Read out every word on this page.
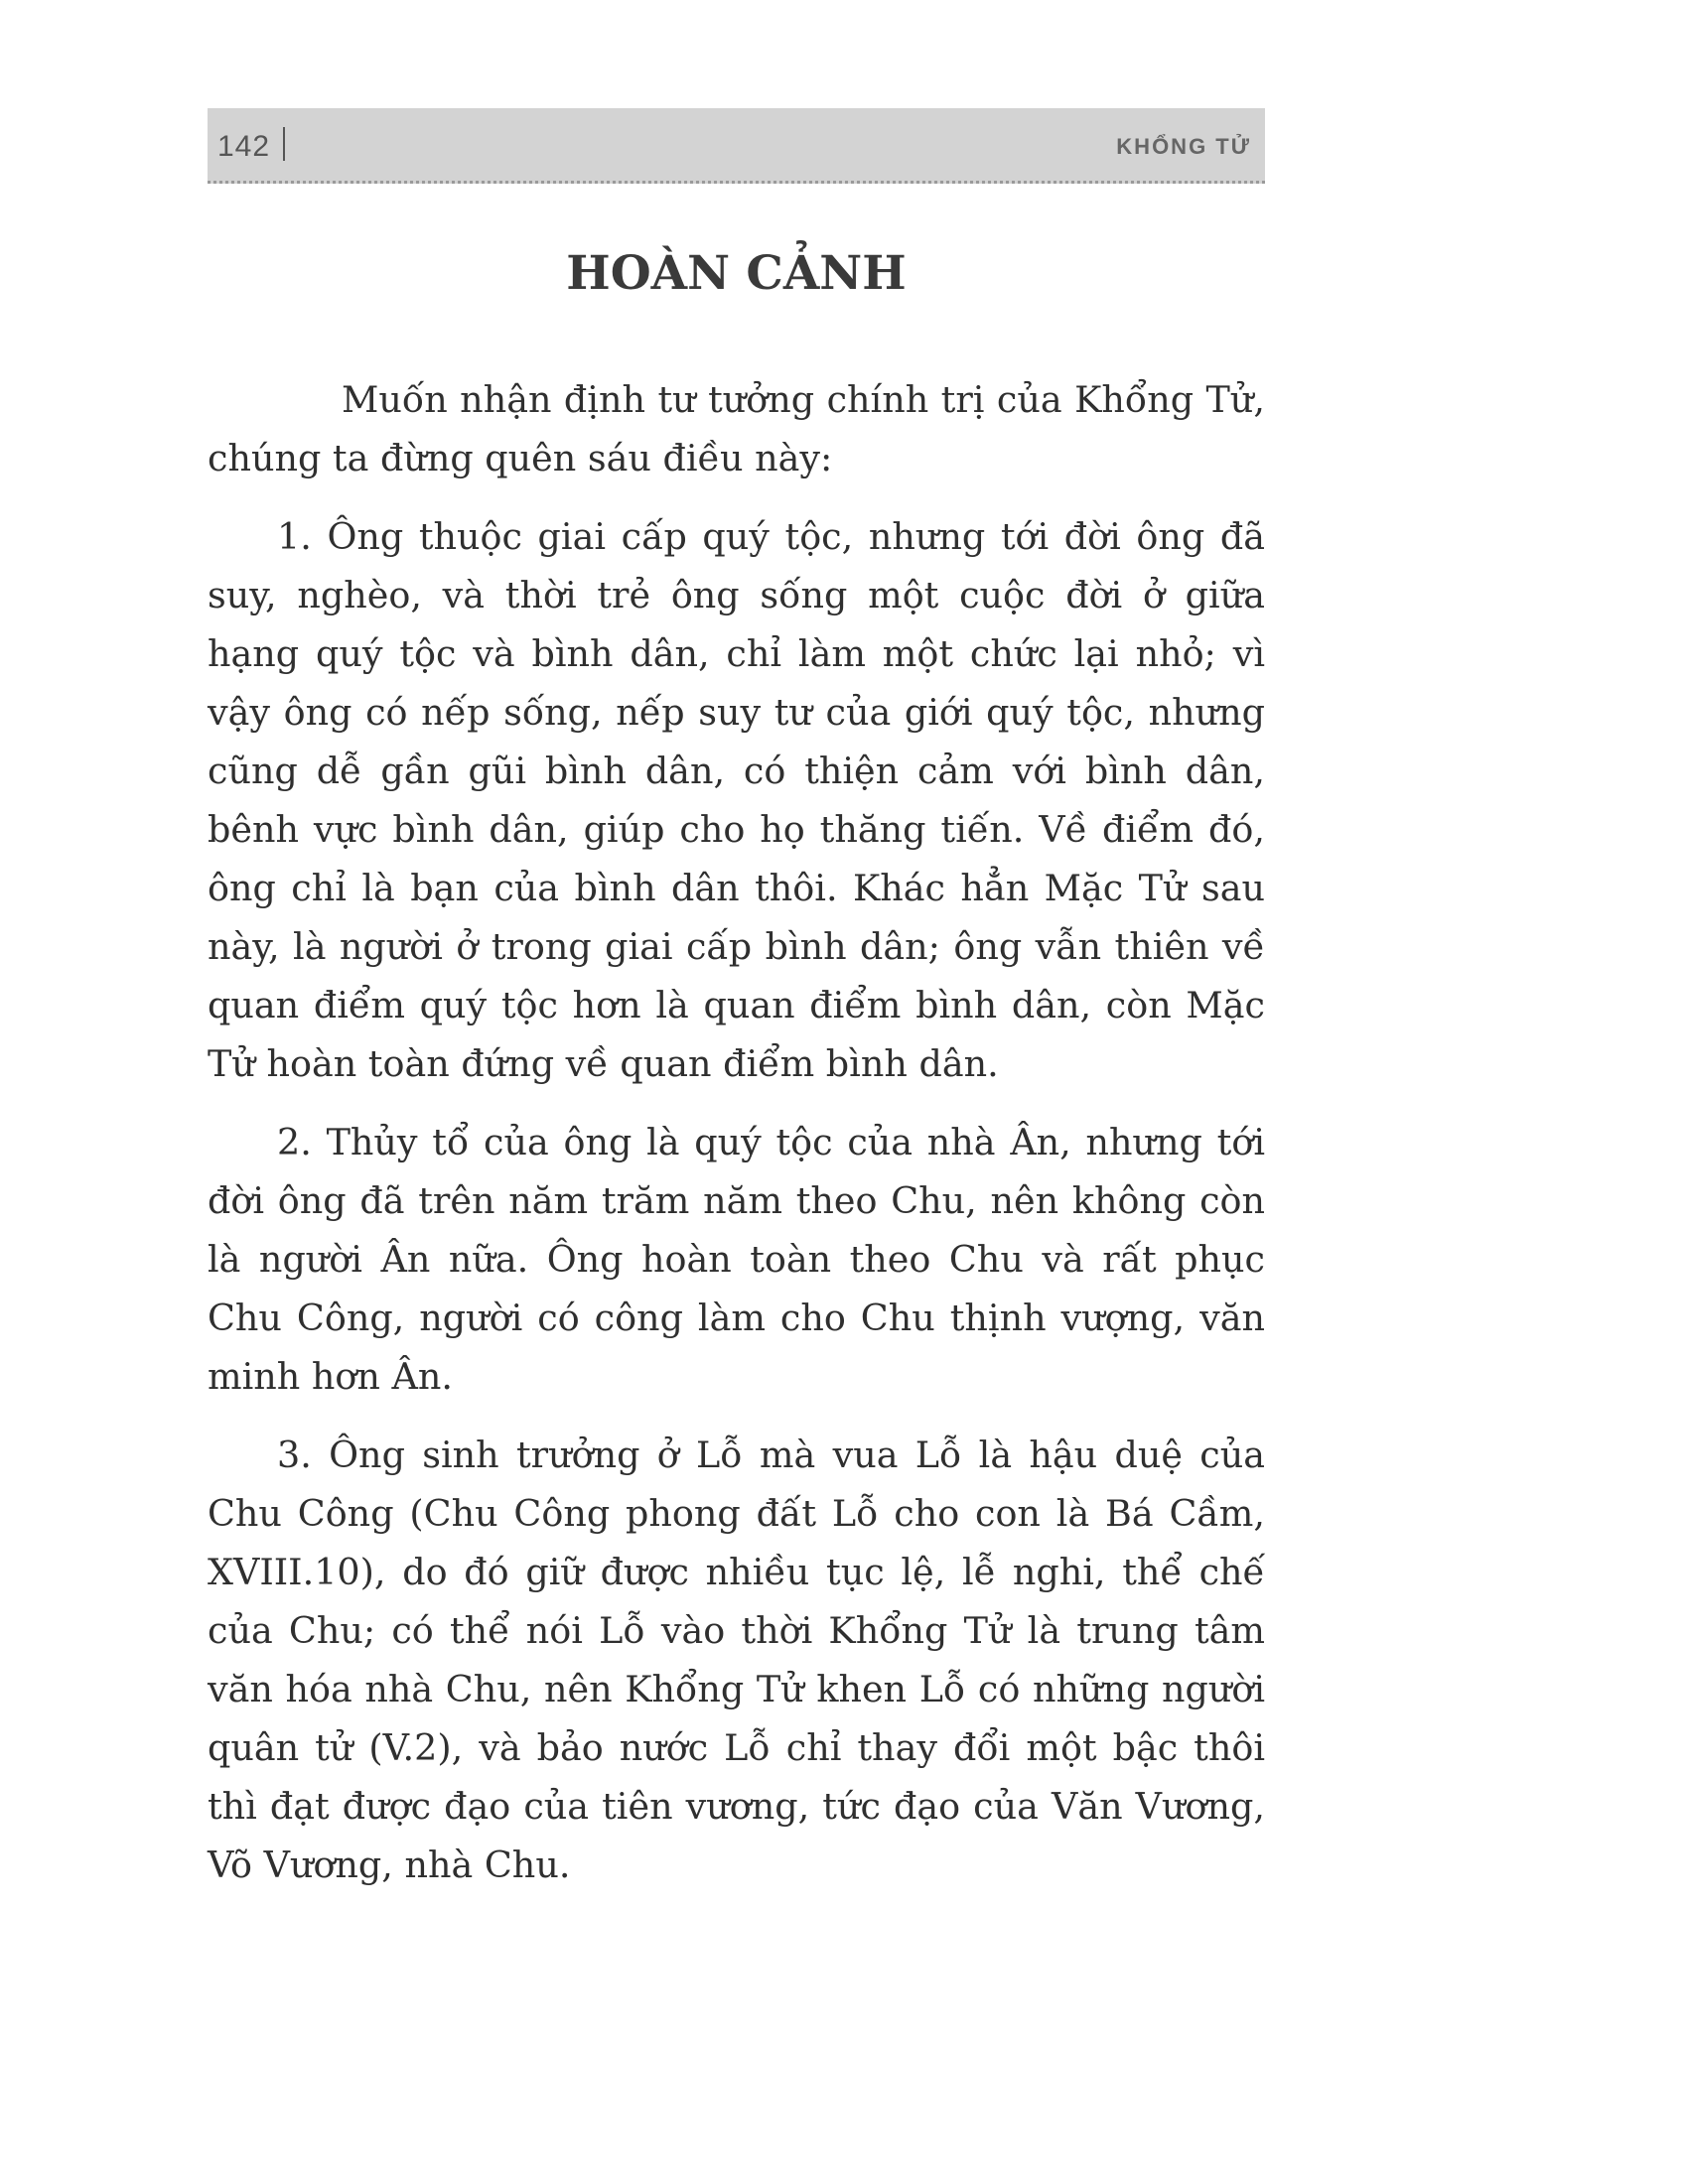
142	KHỔNG TỬ
HOÀN CẢNH

Muốn nhận định tư tưởng chính trị của Khổng Tử, chúng ta đừng quên sáu điều này:

1. Ông thuộc giai cấp quý tộc, nhưng tới đời ông đã suy, nghèo, và thời trẻ ông sống một cuộc đời ở giữa hạng quý tộc và bình dân, chỉ làm một chức lại nhỏ; vì vậy ông có nếp sống, nếp suy tư của giới quý tộc, nhưng cũng dễ gần gũi bình dân, có thiện cảm với bình dân, bênh vực bình dân, giúp cho họ thăng tiến. Về điểm đó, ông chỉ là bạn của bình dân thôi. Khác hẳn Mặc Tử sau này, là người ở trong giai cấp bình dân; ông vẫn thiên về quan điểm quý tộc hơn là quan điểm bình dân, còn Mặc Tử hoàn toàn đứng về quan điểm bình dân.

2. Thủy tổ của ông là quý tộc của nhà Ân, nhưng tới đời ông đã trên năm trăm năm theo Chu, nên không còn là người Ân nữa. Ông hoàn toàn theo Chu và rất phục Chu Công, người có công làm cho Chu thịnh vượng, văn minh hơn Ân.

3. Ông sinh trưởng ở Lỗ mà vua Lỗ là hậu duệ của Chu Công (Chu Công phong đất Lỗ cho con là Bá Cầm, XVIII.10), do đó giữ được nhiều tục lệ, lễ nghi, thể chế của Chu; có thể nói Lỗ vào thời Khổng Tử là trung tâm văn hóa nhà Chu, nên Khổng Tử khen Lỗ có những người quân tử (V.2), và bảo nước Lỗ chỉ thay đổi một bậc thôi thì đạt được đạo của tiên vương, tức đạo của Văn Vương, Võ Vương, nhà Chu.
